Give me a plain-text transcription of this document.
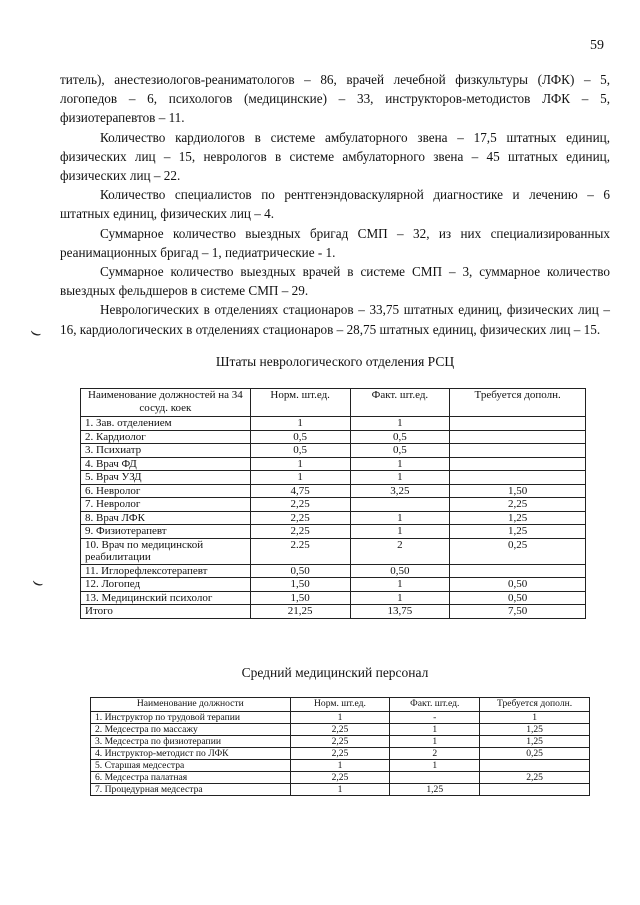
59

титель), анестезиологов-реаниматологов – 86, врачей лечебной физкультуры (ЛФК) – 5, логопедов – 6, психологов (медицинские) – 33, инструкторов-методистов ЛФК – 5, физиотерапевтов – 11.

Количество кардиологов в системе амбулаторного звена – 17,5 штатных единиц, физических лиц – 15, неврологов в системе амбулаторного звена – 45 штатных единиц, физических лиц – 22.

Количество специалистов по рентгенэндоваскулярной диагностике и лечению – 6 штатных единиц, физических лиц – 4.

Суммарное количество выездных бригад СМП – 32, из них специализированных реанимационных бригад – 1, педиатрические - 1.

Суммарное количество выездных врачей в системе СМП – 3, суммарное количество выездных фельдшеров в системе СМП – 29.

Неврологических в отделениях стационаров – 33,75 штатных единиц, физических лиц –16, кардиологических в отделениях стационаров – 28,75 штатных единиц, физических лиц – 15.

⌣
⌣
Штаты неврологического отделения РСЦ
Наименование должностей на 34 сосуд. коек	Норм. шт.ед.	Факт. шт.ед.	Требуется дополн.
1. Зав. отделением	1	1	
2. Кардиолог	0,5	0,5	
3. Психиатр	0,5	0,5	
4. Врач ФД	1	1	
5. Врач УЗД	1	1	
6. Невролог	4,75	3,25	1,50
7. Невролог	2,25		2,25
8. Врач ЛФК	2,25	1	1,25
9. Физиотерапевт	2,25	1	1,25
10. Врач по медицинской реабилитации	2.25	2	0,25
11. Иглорефлексотерапевт	0,50	0,50	
12. Логопед	1,50	1	0,50
13. Медицинский психолог	1,50	1	0,50
Итого	21,25	13,75	7,50
Средний медицинский персонал
Наименование должности	Норм. шт.ед.	Факт. шт.ед.	Требуется дополн.
1. Инструктор по трудовой терапии	1	-	1
2. Медсестра по массажу	2,25	1	1,25
3. Медсестра по физиотерапии	2,25	1	1,25
4. Инструктор-методист по ЛФК	2,25	2	0,25
5. Старшая медсестра	1	1	
6. Медсестра палатная	2,25		2,25
7. Процедурная медсестра	1	1,25	
